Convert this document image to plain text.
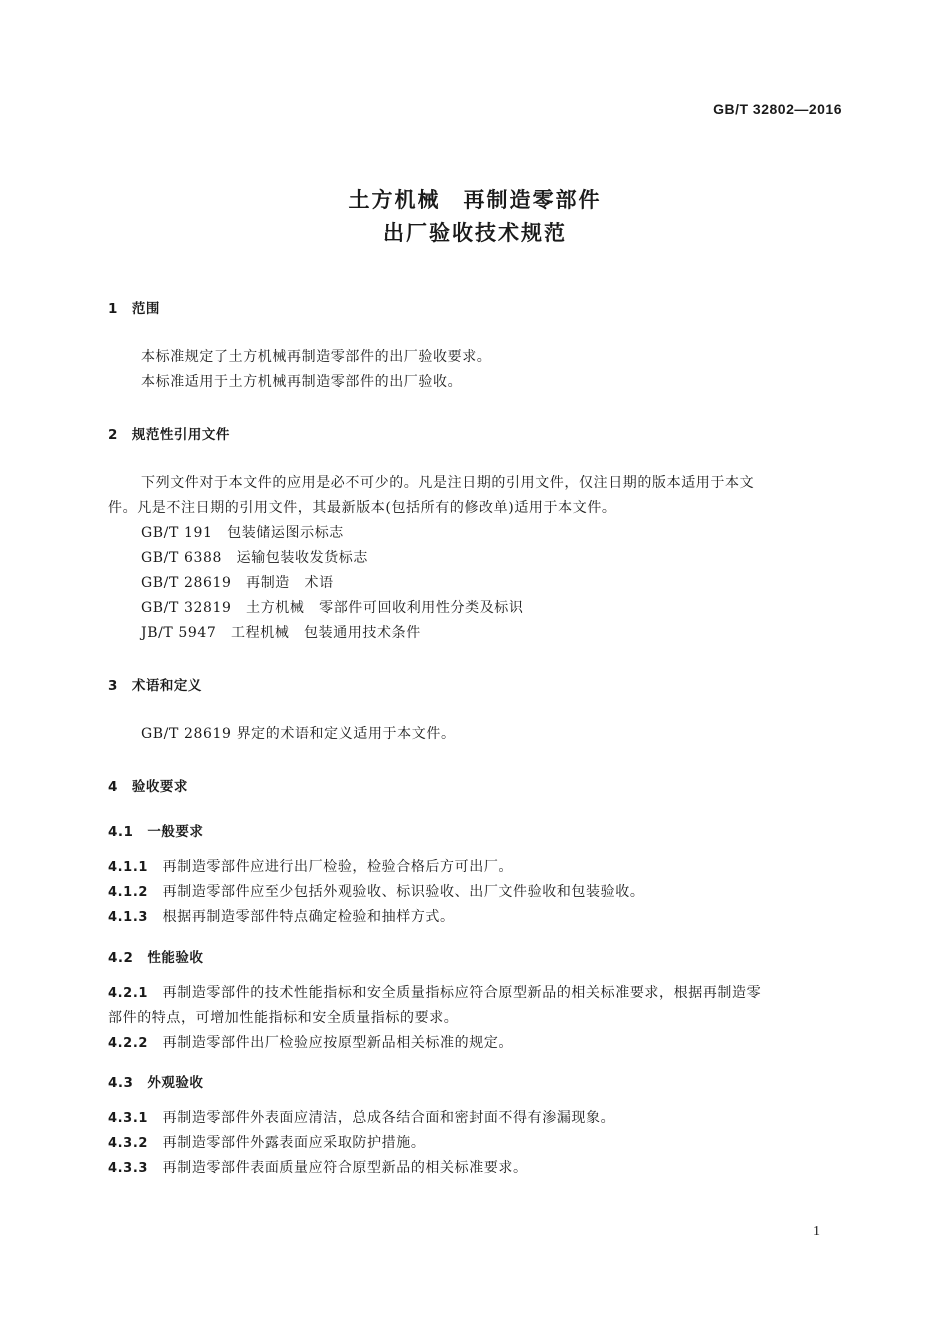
GB/T 32802—2016
土方机械　再制造零部件
出厂验收技术规范
1　范围
本标准规定了土方机械再制造零部件的出厂验收要求。
本标准适用于土方机械再制造零部件的出厂验收。
2　规范性引用文件
下列文件对于本文件的应用是必不可少的。凡是注日期的引用文件，仅注日期的版本适用于本文
件。凡是不注日期的引用文件，其最新版本(包括所有的修改单)适用于本文件。
GB/T 191　包装储运图示标志
GB/T 6388　运输包装收发货标志
GB/T 28619　再制造　术语
GB/T 32819　土方机械　零部件可回收利用性分类及标识
JB/T 5947　工程机械　包装通用技术条件
3　术语和定义
GB/T 28619 界定的术语和定义适用于本文件。
4　验收要求
4.1　一般要求
4.1.1　 再制造零部件应进行出厂检验，检验合格后方可出厂。
4.1.2　 再制造零部件应至少包括外观验收、标识验收、出厂文件验收和包装验收。
4.1.3　 根据再制造零部件特点确定检验和抽样方式。
4.2　性能验收
4.2.1　 再制造零部件的技术性能指标和安全质量指标应符合原型新品的相关标准要求，根据再制造零
部件的特点，可增加性能指标和安全质量指标的要求。
4.2.2　 再制造零部件出厂检验应按原型新品相关标准的规定。
4.3　外观验收
4.3.1　 再制造零部件外表面应清洁，总成各结合面和密封面不得有渗漏现象。
4.3.2　 再制造零部件外露表面应采取防护措施。
4.3.3　 再制造零部件表面质量应符合原型新品的相关标准要求。
1
